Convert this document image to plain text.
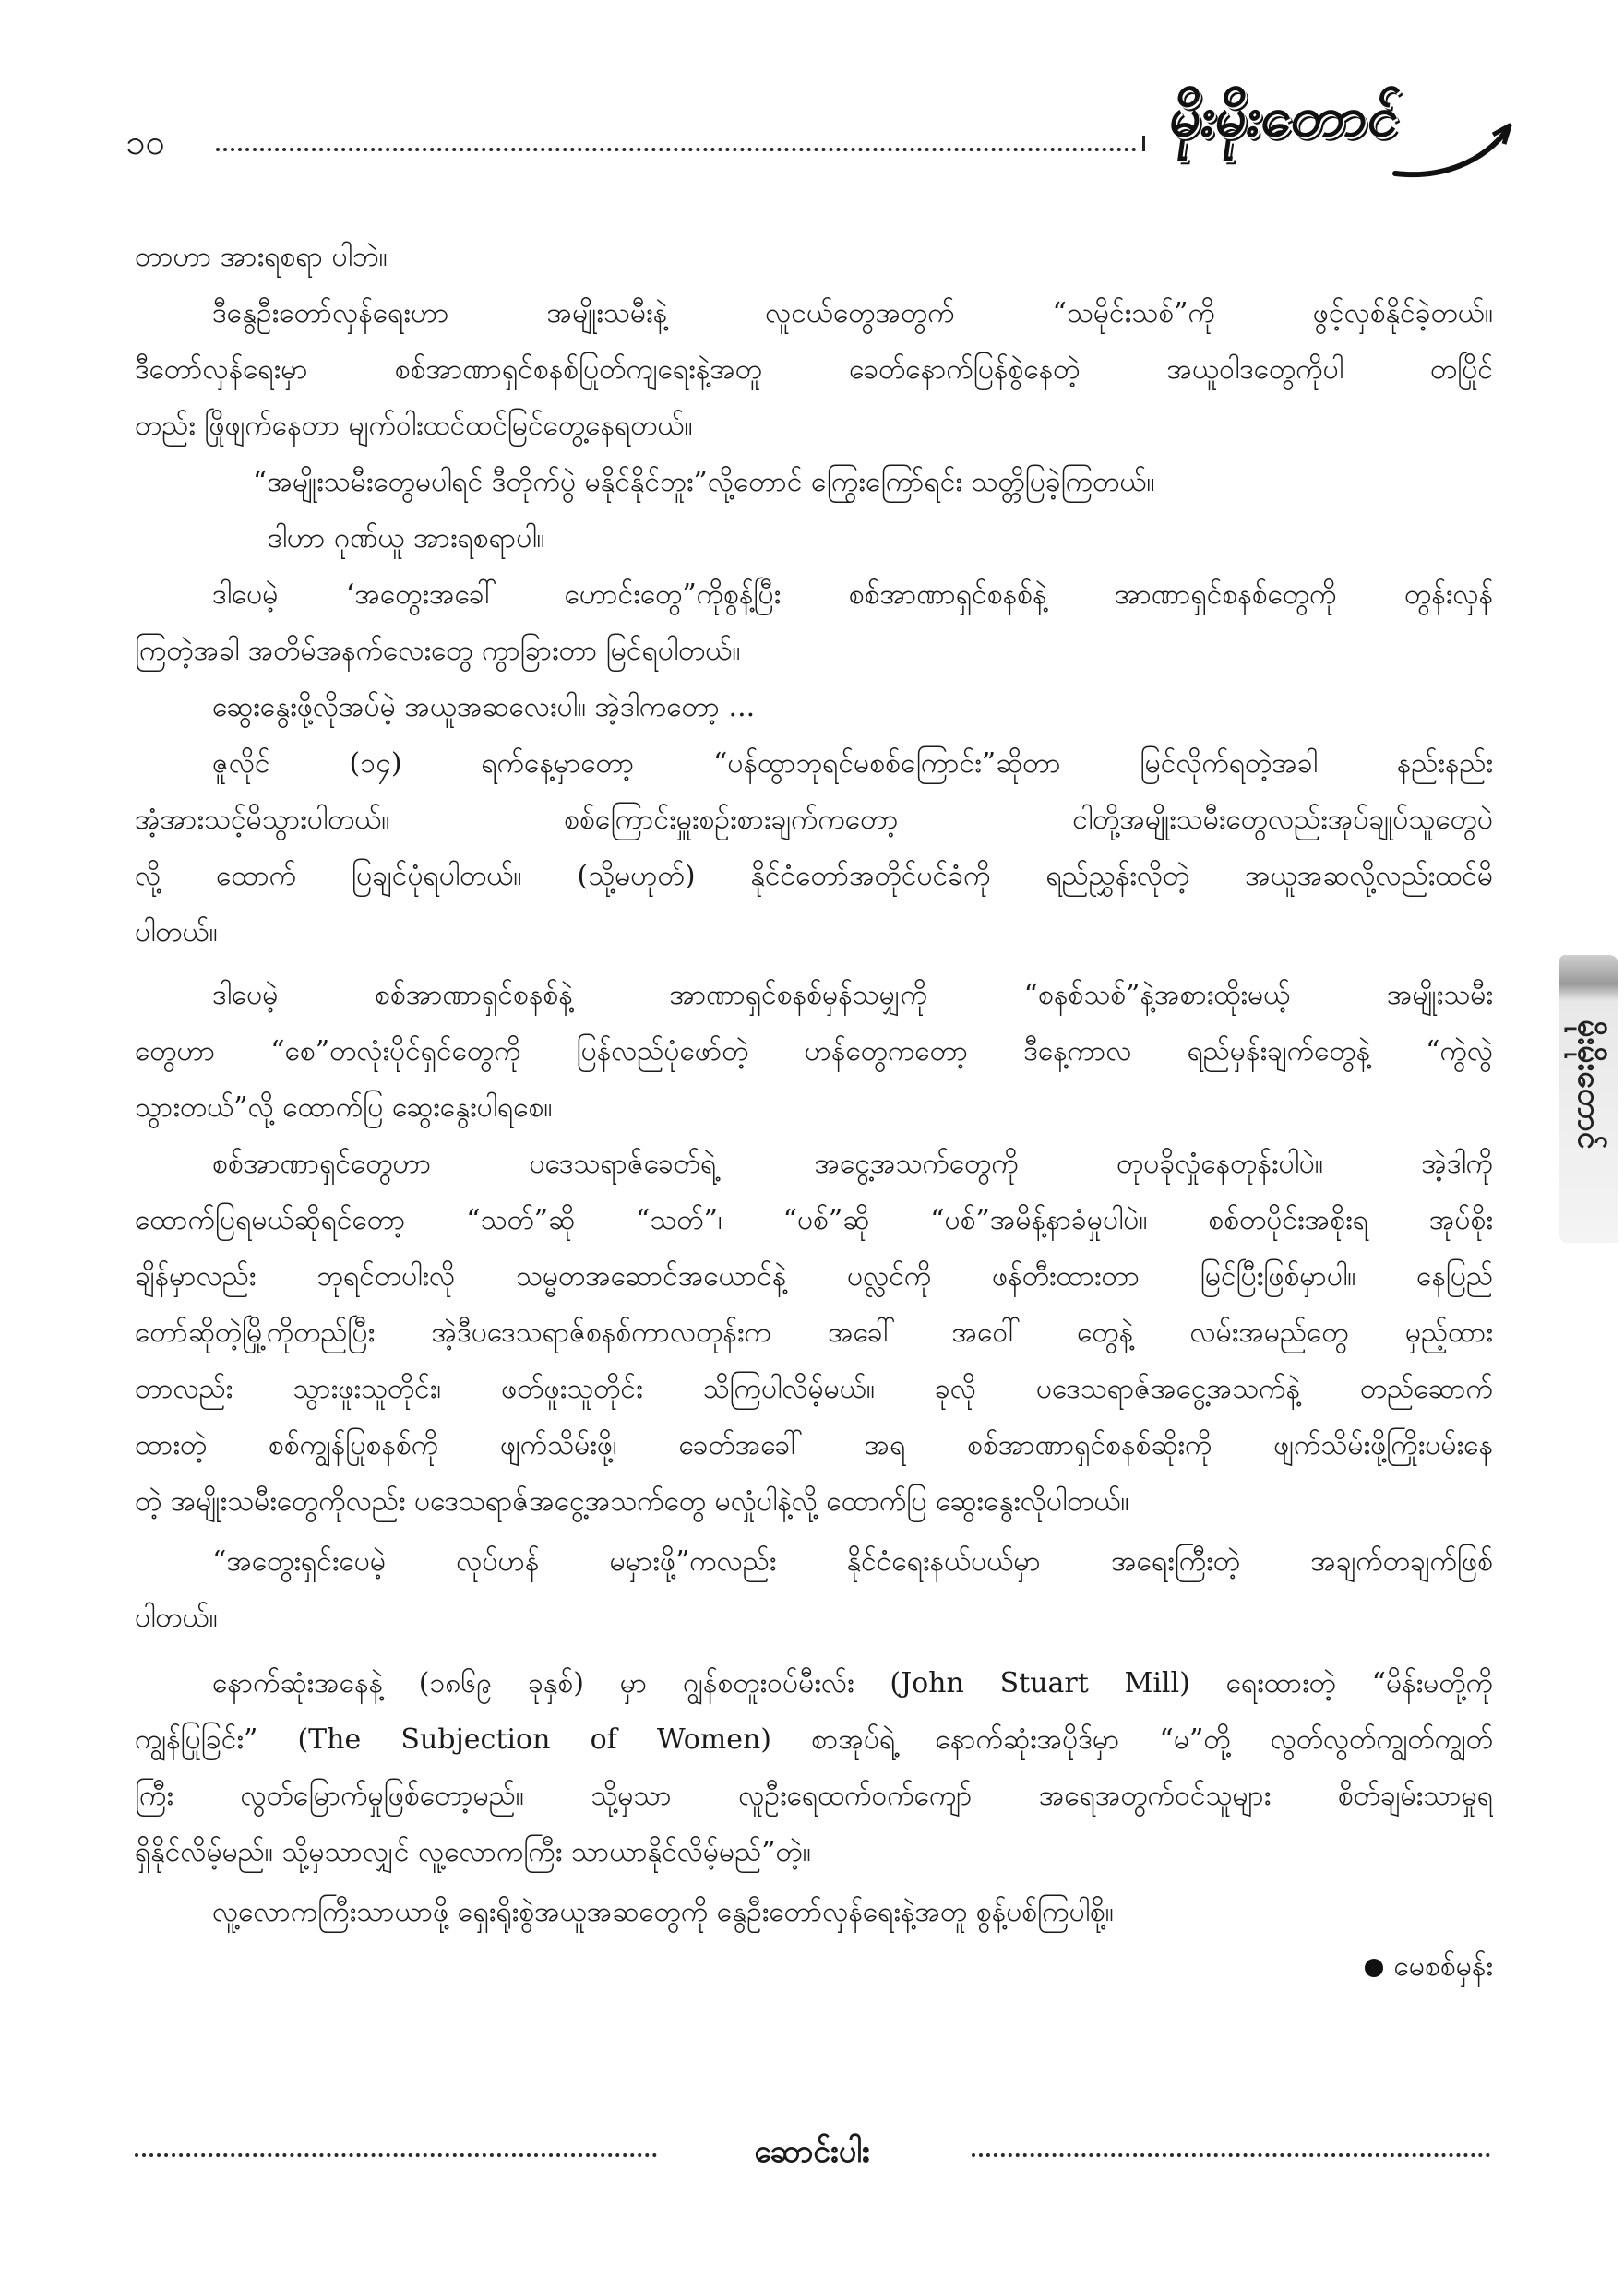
၁၀	မိုးမိုးတောင်
တာဟာ အားရစရာ ပါဘဲ။
ဒီနွေဦးတော်လှန်ရေးဟာ အမျိုးသမီးနဲ့ လူငယ်တွေအတွက် “သမိုင်းသစ်”ကို ဖွင့်လှစ်နိုင်ခဲ့တယ်။
ဒီတော်လှန်ရေးမှာ စစ်အာဏာရှင်စနစ်ပြုတ်ကျရေးနဲ့အတူ ခေတ်နောက်ပြန်စွဲနေတဲ့ အယူဝါဒတွေကိုပါ တပြိုင်
တည်း ဖြိုဖျက်နေတာ မျက်ဝါးထင်ထင်မြင်တွေ့နေရတယ်။
“အမျိုးသမီးတွေမပါရင် ဒီတိုက်ပွဲ မနိုင်နိုင်ဘူး”လို့တောင် ကြွေးကြော်ရင်း သတ္တိပြခဲ့ကြတယ်။
ဒါဟာ ဂုဏ်ယူ အားရစရာပါ။
ဒါပေမဲ့ ‘အတွေးအခေါ် ဟောင်းတွေ”ကိုစွန့်ပြီး စစ်အာဏာရှင်စနစ်နဲ့ အာဏာရှင်စနစ်တွေကို တွန်းလှန်
ကြတဲ့အခါ အတိမ်အနက်လေးတွေ ကွာခြားတာ မြင်ရပါတယ်။
ဆွေးနွေးဖို့လိုအပ်မဲ့ အယူအဆလေးပါ။ အဲ့ဒါကတော့ ...
ဇူလိုင် (၁၄) ရက်နေ့မှာတော့ “ပန်ထွာဘုရင်မစစ်ကြောင်း”ဆိုတာ မြင်လိုက်ရတဲ့အခါ နည်းနည်း
အံ့အားသင့်မိသွားပါတယ်။ စစ်ကြောင်းမှူးစဉ်းစားချက်ကတော့ ငါတို့အမျိုးသမီးတွေလည်းအုပ်ချုပ်သူတွေပဲ
လို့ ထောက် ပြချင်ပုံရပါတယ်။ (သို့မဟုတ်) နိုင်ငံတော်အတိုင်ပင်ခံကို ရည်ညွှန်းလိုတဲ့ အယူအဆလို့လည်းထင်မိ
ပါတယ်။
ဒါပေမဲ့ စစ်အာဏာရှင်စနစ်နဲ့ အာဏာရှင်စနစ်မှန်သမျှကို “စနစ်သစ်”နဲ့အစားထိုးမယ့် အမျိုးသမီး
တွေဟာ “စေ”တလုံးပိုင်ရှင်တွေကို ပြန်လည်ပုံဖော်တဲ့ ဟန်တွေကတော့ ဒီနေ့ကာလ ရည်မှန်းချက်တွေနဲ့ “ကွဲလွဲ
သွားတယ်”လို့ ထောက်ပြ ဆွေးနွေးပါရစေ။
စစ်အာဏာရှင်တွေဟာ ပဒေသရာဇ်ခေတ်ရဲ့ အငွေ့အသက်တွေကို တုပခိုလှုံနေတုန်းပါပဲ။ အဲ့ဒါကို
ထောက်ပြရမယ်ဆိုရင်တော့ “သတ်”ဆို “သတ်”၊ “ပစ်”ဆို “ပစ်”အမိန့်နာခံမှုပါပဲ။ စစ်တပိုင်းအစိုးရ အုပ်စိုး
ချိန်မှာလည်း ဘုရင်တပါးလို သမ္မတအဆောင်အယောင်နဲ့ ပလ္လင်ကို ဖန်တီးထားတာ မြင်ပြီးဖြစ်မှာပါ။ နေပြည်
တော်ဆိုတဲ့မြို့ကိုတည်ပြီး အဲ့ဒီပဒေသရာဇ်စနစ်ကာလတုန်းက အခေါ် အဝေါ် တွေနဲ့ လမ်းအမည်တွေ မှည့်ထား
တာလည်း သွားဖူးသူတိုင်း၊ ဖတ်ဖူးသူတိုင်း သိကြပါလိမ့်မယ်။ ခုလို ပဒေသရာဇ်အငွေ့အသက်နဲ့ တည်ဆောက်
ထားတဲ့ စစ်ကျွန်ပြုစနစ်ကို ဖျက်သိမ်းဖို့၊ ခေတ်အခေါ် အရ စစ်အာဏာရှင်စနစ်ဆိုးကို ဖျက်သိမ်းဖို့ကြိုးပမ်းနေ
တဲ့ အမျိုးသမီးတွေကိုလည်း ပဒေသရာဇ်အငွေ့အသက်တွေ မလှုံပါနဲ့လို့ ထောက်ပြ ဆွေးနွေးလိုပါတယ်။
“အတွေးရှင်းပေမဲ့ လုပ်ဟန် မမှားဖို့”ကလည်း နိုင်ငံရေးနယ်ပယ်မှာ အရေးကြီးတဲ့ အချက်တချက်ဖြစ်
ပါတယ်။
နောက်ဆုံးအနေနဲ့ (၁၈၆၉ ခုနှစ်) မှာ ဂျွန်စတူးဝပ်မီးလ်း (John Stuart Mill) ရေးထားတဲ့ “မိန်းမတို့ကို
ကျွန်ပြုခြင်း” (The Subjection of Women) စာအုပ်ရဲ့ နောက်ဆုံးအပိုဒ်မှာ “မ”တို့ လွတ်လွတ်ကျွတ်ကျွတ်
ကြီး လွတ်မြောက်မှုဖြစ်တော့မည်။ သို့မှသာ လူဦးရေထက်ဝက်ကျော် အရေအတွက်ဝင်သူများ စိတ်ချမ်းသာမှုရ
ရှိနိုင်လိမ့်မည်။ သို့မှသာလျှင် လူ့လောကကြီး သာယာနိုင်လိမ့်မည်”တဲ့။
လူ့လောကကြီးသာယာဖို့ ရှေးရိုးစွဲအယူအဆတွေကို နွေဦးတော်လှန်ရေးနဲ့အတူ စွန့်ပစ်ကြပါစို့။
မေစစ်မှန်း
မိုးမိုးတောင်
ဆောင်းပါး
